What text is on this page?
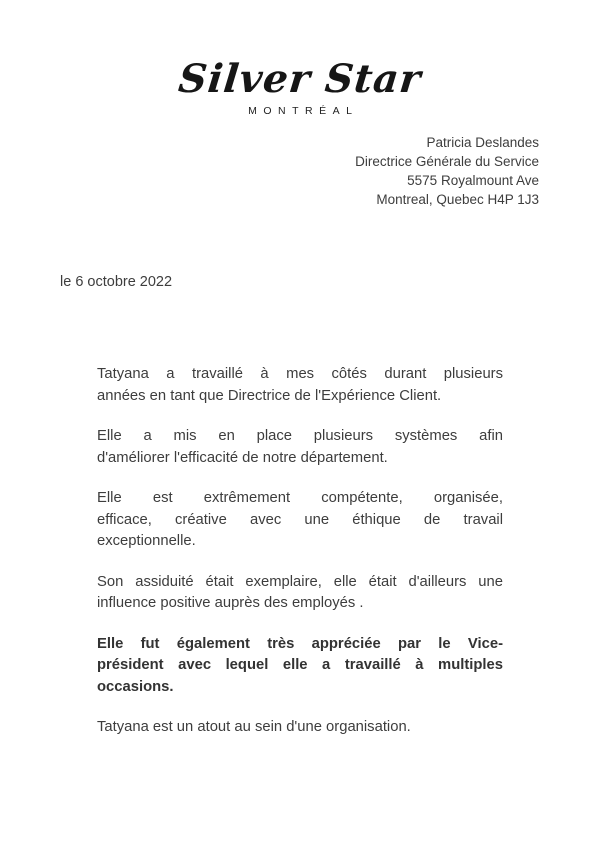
Silver Star
MONTRÉAL
Patricia Deslandes
Directrice Générale du Service
5575 Royalmount Ave
Montreal, Quebec H4P 1J3
le 6 octobre 2022

Tatyana a travaillé à mes côtés durant plusieurs
années en tant que Directrice de l'Expérience Client.

Elle a mis en place plusieurs systèmes afin
d'améliorer l'efficacité de notre département.

Elle est extrêmement compétente, organisée,
efficace, créative avec une éthique de travail
exceptionnelle.

Son assiduité était exemplaire, elle était d'ailleurs une
influence positive auprès des employés .

Elle fut également très appréciée par le Vice-
président avec lequel elle a travaillé à multiples
occasions.

Tatyana est un atout au sein d'une organisation.
